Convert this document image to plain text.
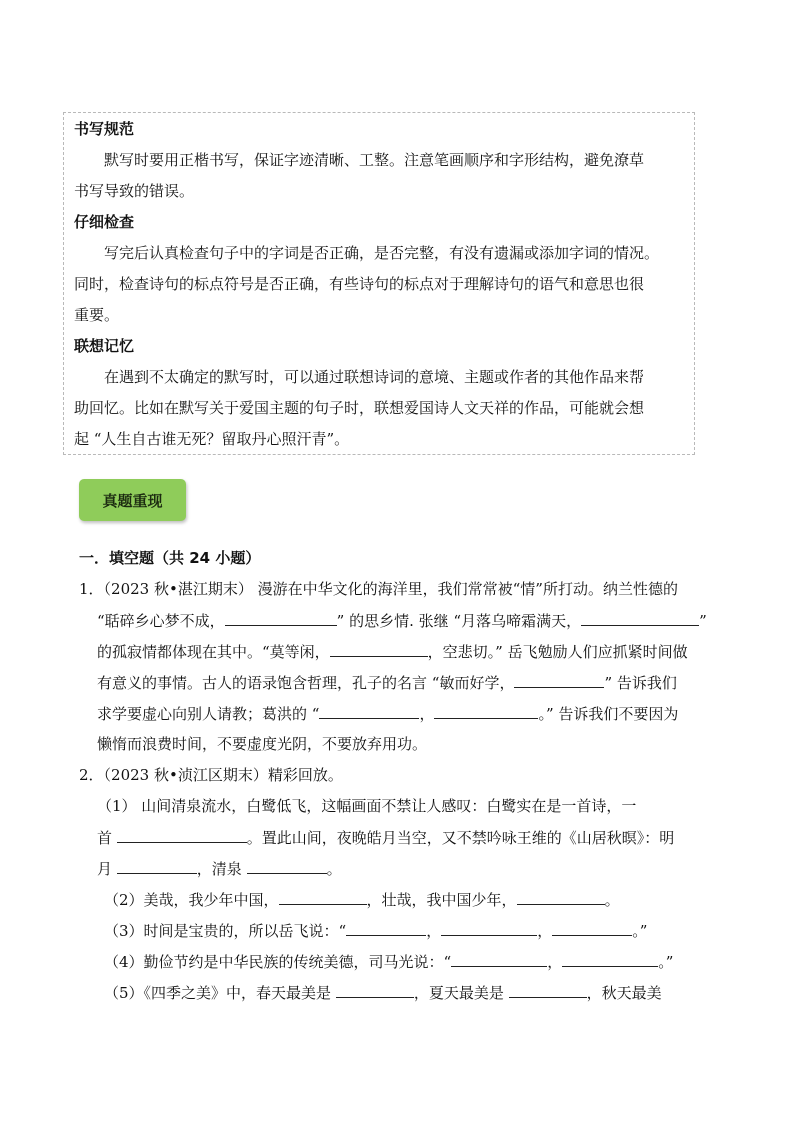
书写规范
默写时要用正楷书写，保证字迹清晰、工整。注意笔画顺序和字形结构，避免潦草
书写导致的错误。
仔细检查
写完后认真检查句子中的字词是否正确，是否完整，有没有遗漏或添加字词的情况。
同时，检查诗句的标点符号是否正确，有些诗句的标点对于理解诗句的语气和意思也很
重要。
联想记忆
在遇到不太确定的默写时，可以通过联想诗词的意境、主题或作者的其他作品来帮
助回忆。比如在默写关于爱国主题的句子时，联想爱国诗人文天祥的作品，可能就会想
起 “人生自古谁无死？留取丹心照汗青”。
真题重现
一．填空题（共 24 小题）
1．（2023 秋•湛江期末） 漫游在中华文化的海洋里，我们常常被“情”所打动。纳兰性德的
“聒碎乡心梦不成，	” 的思乡情. 张继 “月落乌啼霜满天，	”
的孤寂情都体现在其中。“莫等闲，	，空悲切。” 岳飞勉励人们应抓紧时间做
有意义的事情。古人的语录饱含哲理，孔子的名言 “敏而好学，	” 告诉我们
求学要虚心向别人请教；葛洪的 “	，	。” 告诉我们不要因为
懒惰而浪费时间，不要虚度光阴，不要放弃用功。
2．（2023 秋•浈江区期末）精彩回放。
（1） 山间清泉流水，白鹭低飞，这幅画面不禁让人感叹：白鹭实在是一首诗，一
首	。置此山间，夜晚皓月当空，又不禁吟咏王维的《山居秋暝》：明
月	，清泉	。
（2）美哉，我少年中国，	，壮哉，我中国少年，	。
（3）时间是宝贵的，所以岳飞说：“	，	，	。”
（4）勤俭节约是中华民族的传统美德，司马光说：“	，	。”
（5）《四季之美》中，春天最美是	，夏天最美是	，秋天最美
